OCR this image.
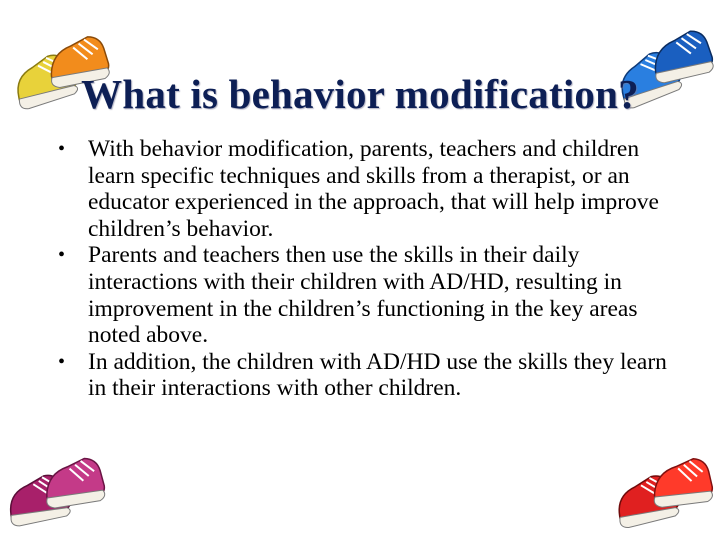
What is behavior modification?
• With behavior modification, parents, teachers and children learn specific techniques and skills from a therapist, or an educator experienced in the approach, that will help improve children’s behavior.
• Parents and teachers then use the skills in their daily interactions with their children with AD/HD, resulting in improvement in the children’s functioning in the key areas noted above.
• In addition, the children with AD/HD use the skills they learn in their interactions with other children.
